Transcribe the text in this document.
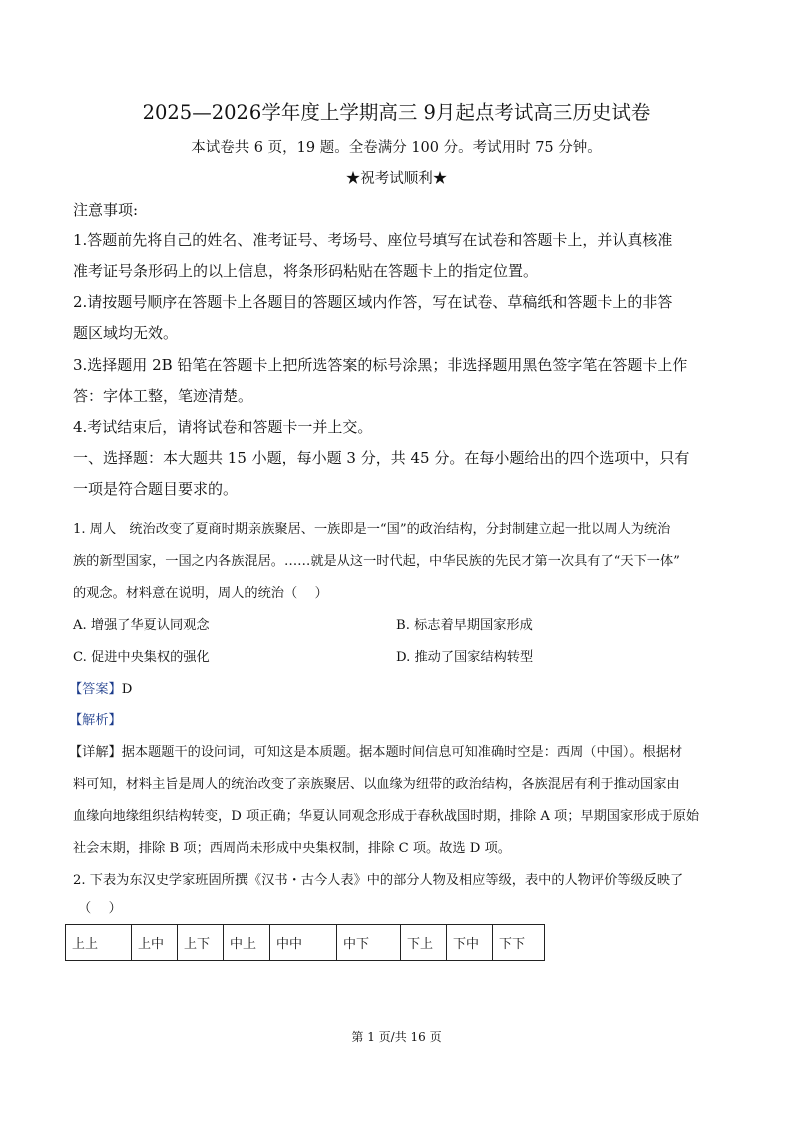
2025—2026学年度上学期高三 9月起点考试高三历史试卷
本试卷共 6 页，19 题。全卷满分 100 分。考试用时 75 分钟。
★祝考试顺利★
注意事项:
1.答题前先将自己的姓名、准考证号、考场号、座位号填写在试卷和答题卡上，并认真核准
准考证号条形码上的以上信息，将条形码粘贴在答题卡上的指定位置。
2.请按题号顺序在答题卡上各题目的答题区域内作答，写在试卷、草稿纸和答题卡上的非答
题区域均无效。
3.选择题用 2B 铅笔在答题卡上把所选答案的标号涂黑；非选择题用黑色签字笔在答题卡上作
答：字体工整，笔迹清楚。
4.考试结束后，请将试卷和答题卡一并上交。
一、选择题：本大题共 15 小题，每小题 3 分，共 45 分。在每小题给出的四个选项中，只有
一项是符合题目要求的。
1. 周人　统治改变了夏商时期亲族聚居、一族即是一“国”的政治结构，分封制建立起一批以周人为统治
族的新型国家，一国之内各族混居。……就是从这一时代起，中华民族的先民才第一次具有了“天下一体”
的观念。材料意在说明，周人的统治（　 ）
A. 增强了华夏认同观念	B. 标志着早期国家形成
C. 促进中央集权的强化	D. 推动了国家结构转型
【答案】D
【解析】
【详解】据本题题干的设问词，可知这是本质题。据本题时间信息可知准确时空是：西周（中国）。根据材
料可知，材料主旨是周人的统治改变了亲族聚居、以血缘为纽带的政治结构，各族混居有利于推动国家由
血缘向地缘组织结构转变，D 项正确；华夏认同观念形成于春秋战国时期，排除 A 项；早期国家形成于原始
社会末期，排除 B 项；西周尚未形成中央集权制，排除 C 项。故选 D 项。
2. 下表为东汉史学家班固所撰《汉书・古今人表》中的部分人物及相应等级，表中的人物评价等级反映了
（　 ）
上上	上中	上下	中上	中中	中下	下上	下中	下下
第 1 页/共 16 页
